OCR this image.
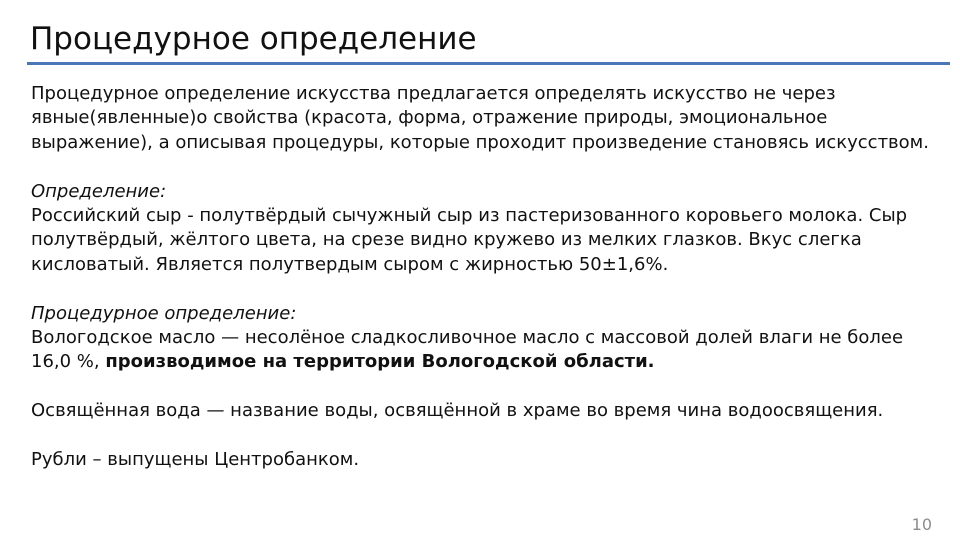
Процедурное определение

Процедурное определение искусства предлагается определять искусство не через явные(явленные)о свойства (красота, форма, отражение природы, эмоциональное выражение), а описывая процедуры, которые проходит произведение становясь искусством.

Определение:

Российский сыр - полутвёрдый сычужный сыр из пастеризованного коровьего молока. Сыр полутвёрдый, жёлтого цвета, на срезе видно кружево из мелких глазков. Вкус слегка кисловатый. Является полутвердым сыром с жирностью 50±1,6%.

Процедурное определение:

Вологодское масло — несолёное сладкосливочное масло с массовой долей влаги не более 16,0 %, производимое на территории Вологодской области.

Освящённая вода — название воды, освящённой в храме во время чина водоосвящения.

Рубли – выпущены Центробанком.

10
